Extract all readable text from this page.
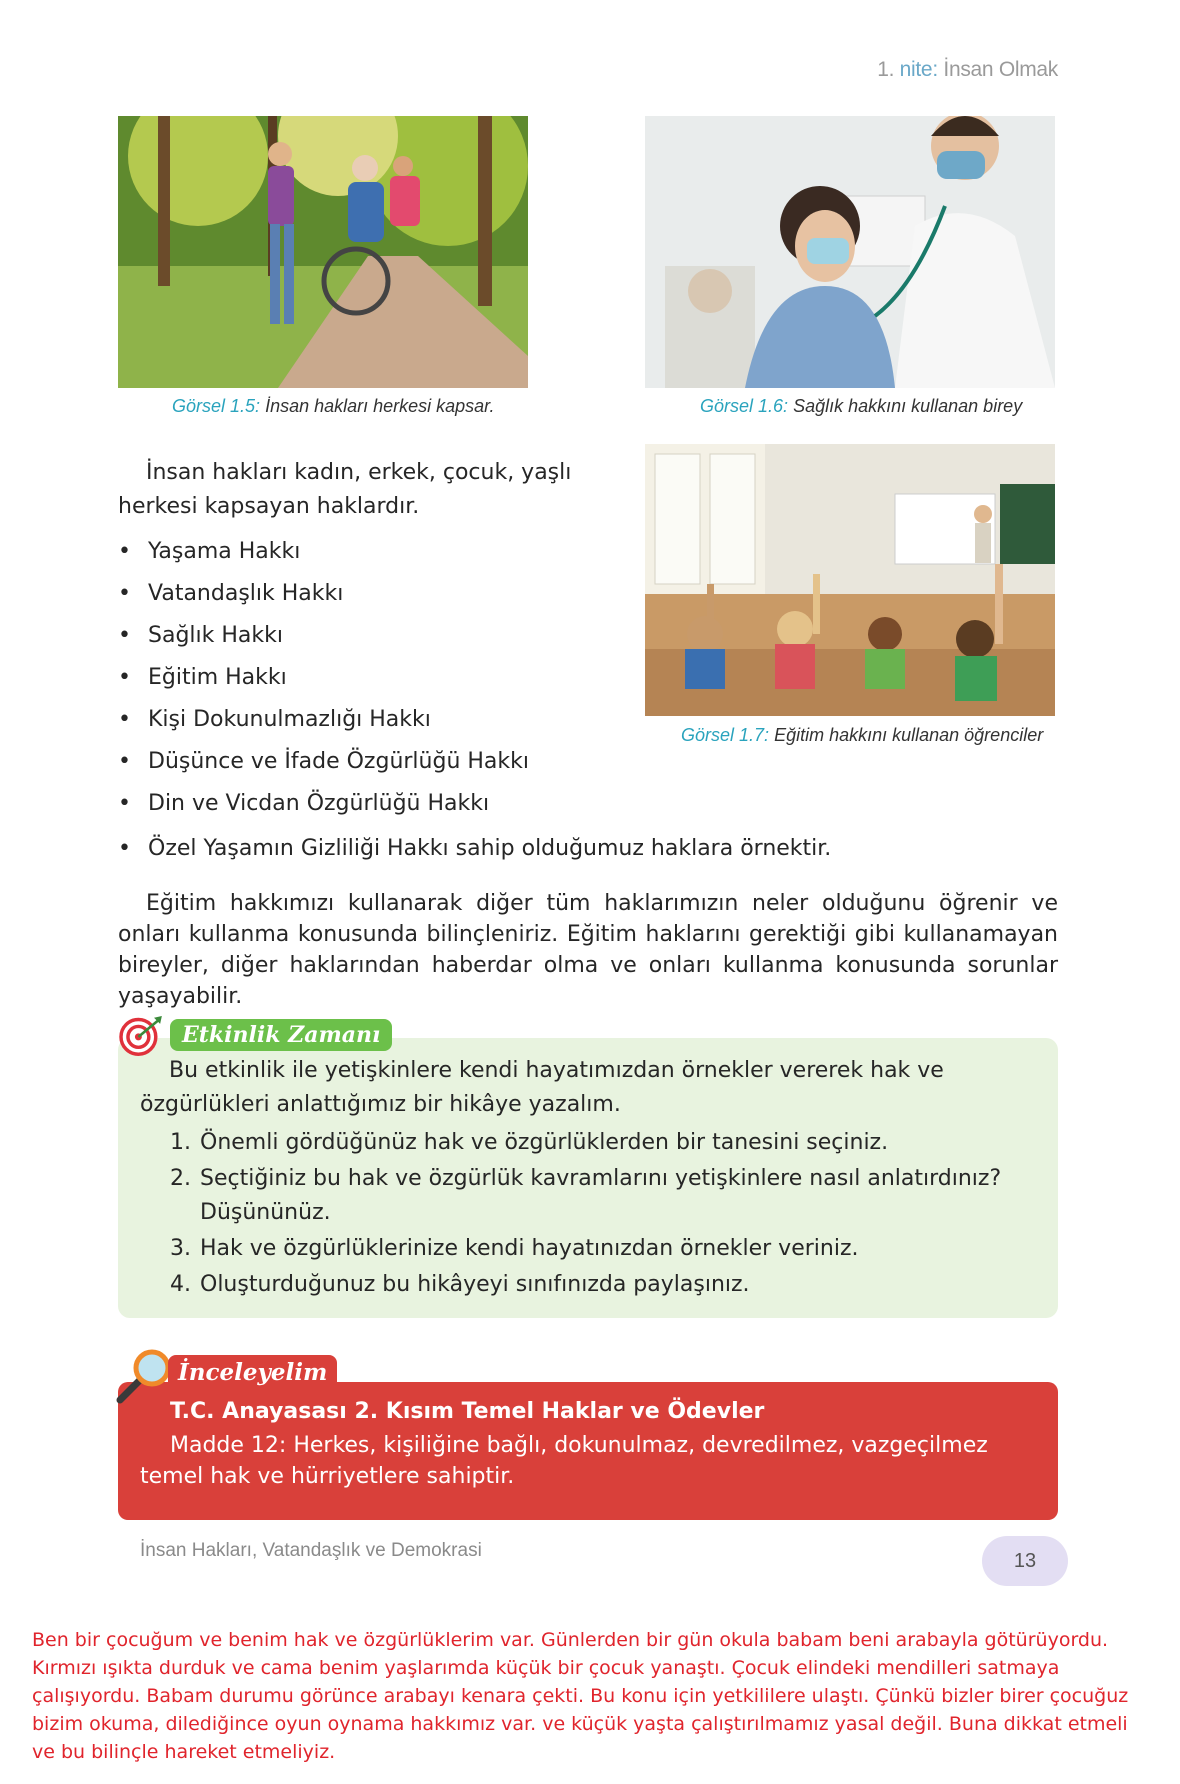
1. nite: İnsan Olmak
Görsel 1.5: İnsan hakları herkesi kapsar.	Görsel 1.6: Sağlık hakkını kullanan birey
Görsel 1.7: Eğitim hakkını kullanan öğrenciler

İnsan hakları kadın, erkek, çocuk, yaşlı herkesi kapsayan haklardır.

• Yaşama Hakkı
• Vatandaşlık Hakkı
• Sağlık Hakkı
• Eğitim Hakkı
• Kişi Dokunulmazlığı Hakkı
• Düşünce ve İfade Özgürlüğü Hakkı
• Din ve Vicdan Özgürlüğü Hakkı
• Özel Yaşamın Gizliliği Hakkı sahip olduğumuz haklara örnektir.

Eğitim hakkımızı kullanarak diğer tüm haklarımızın neler olduğunu öğrenir ve onları kullanma konusunda bilinçleniriz. Eğitim haklarını gerektiği gibi kullanamayan bireyler, diğer haklarından haberdar olma ve onları kullanma konusunda sorunlar yaşayabilir.

Etkinlik Zamanı

Bu etkinlik ile yetişkinlere kendi hayatımızdan örnekler vererek hak ve özgürlükleri anlattığımız bir hikâye yazalım.

1. Önemli gördüğünüz hak ve özgürlüklerden bir tanesini seçiniz.
2. Seçtiğiniz bu hak ve özgürlük kavramlarını yetişkinlere nasıl anlatırdınız? Düşününüz.
3. Hak ve özgürlüklerinize kendi hayatınızdan örnekler veriniz.
4. Oluşturduğunuz bu hikâyeyi sınıfınızda paylaşınız.
İnceleyelim
T.C. Anayasası 2. Kısım Temel Haklar ve Ödevler

Madde 12: Herkes, kişiliğine bağlı, dokunulmaz, devredilmez, vazgeçilmez temel hak ve hürriyetlere sahiptir.

İnsan Hakları, Vatandaşlık ve Demokrasi	13

Ben bir çocuğum ve benim hak ve özgürlüklerim var. Günlerden bir gün okula babam beni arabayla götürüyordu. Kırmızı ışıkta durduk ve cama benim yaşlarımda küçük bir çocuk yanaştı. Çocuk elindeki mendilleri satmaya çalışıyordu. Babam durumu görünce arabayı kenara çekti. Bu konu için yetkililere ulaştı. Çünkü bizler birer çocuğuz bizim okuma, dilediğince oyun oynama hakkımız var. ve küçük yaşta çalıştırılmamız yasal değil. Buna dikkat etmeli ve bu bilinçle hareket etmeliyiz.
